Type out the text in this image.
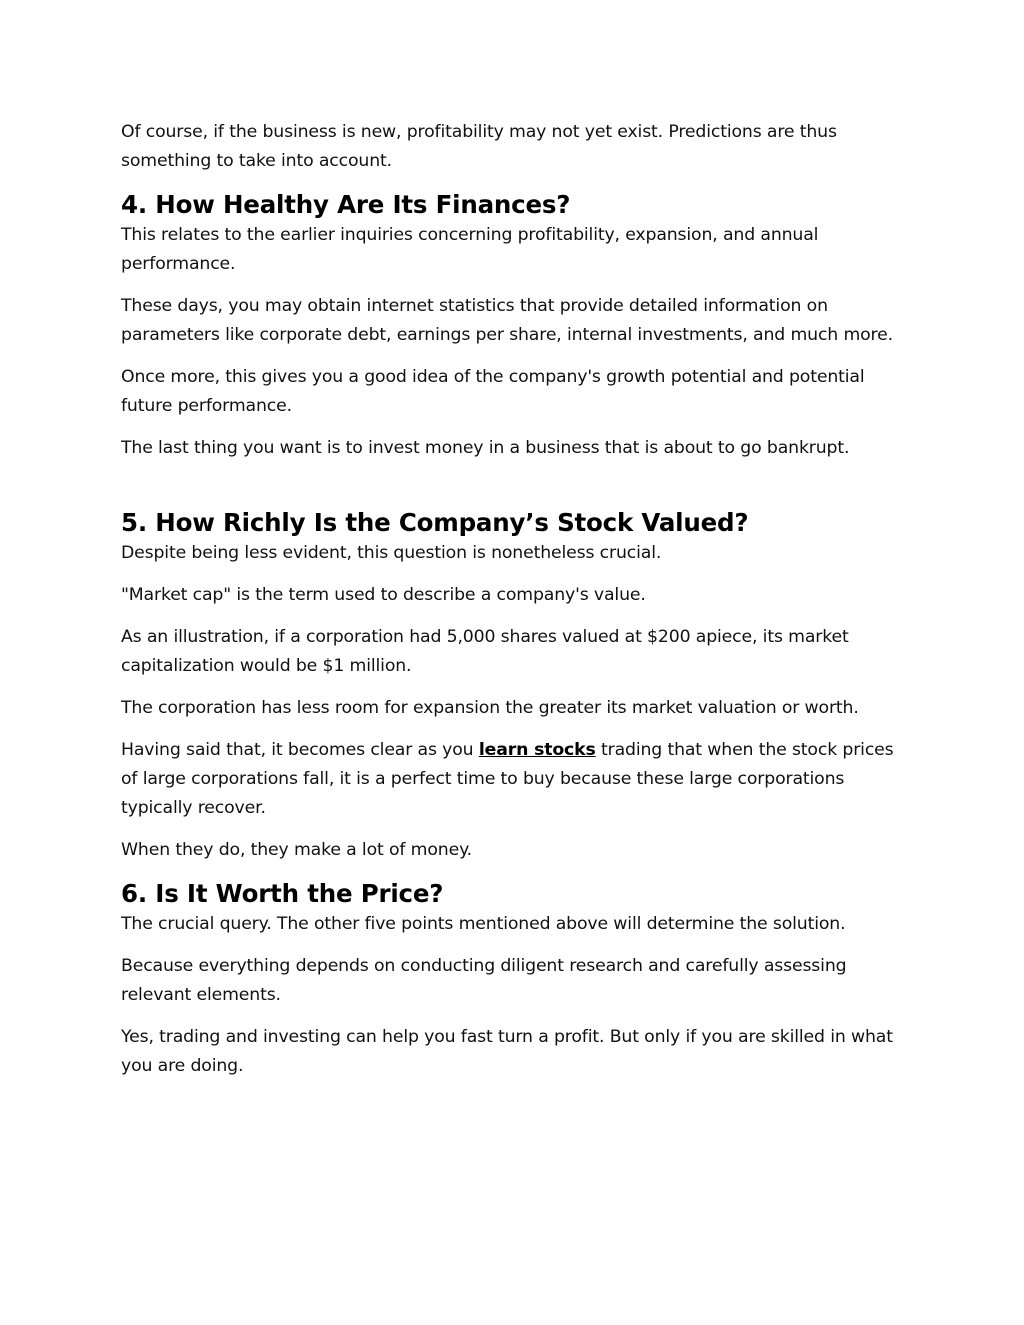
Of course, if the business is new, profitability may not yet exist. Predictions are thus something to take into account.

4. How Healthy Are Its Finances?

This relates to the earlier inquiries concerning profitability, expansion, and annual performance.

These days, you may obtain internet statistics that provide detailed information on parameters like corporate debt, earnings per share, internal investments, and much more.

Once more, this gives you a good idea of the company's growth potential and potential future performance.

The last thing you want is to invest money in a business that is about to go bankrupt.

5. How Richly Is the Company’s Stock Valued?

Despite being less evident, this question is nonetheless crucial.

"Market cap" is the term used to describe a company's value.

As an illustration, if a corporation had 5,000 shares valued at $200 apiece, its market capitalization would be $1 million.

The corporation has less room for expansion the greater its market valuation or worth.

Having said that, it becomes clear as you learn stocks trading that when the stock prices of large corporations fall, it is a perfect time to buy because these large corporations typically recover.

When they do, they make a lot of money.

6. Is It Worth the Price?

The crucial query. The other five points mentioned above will determine the solution.

Because everything depends on conducting diligent research and carefully assessing relevant elements.

Yes, trading and investing can help you fast turn a profit. But only if you are skilled in what you are doing.
